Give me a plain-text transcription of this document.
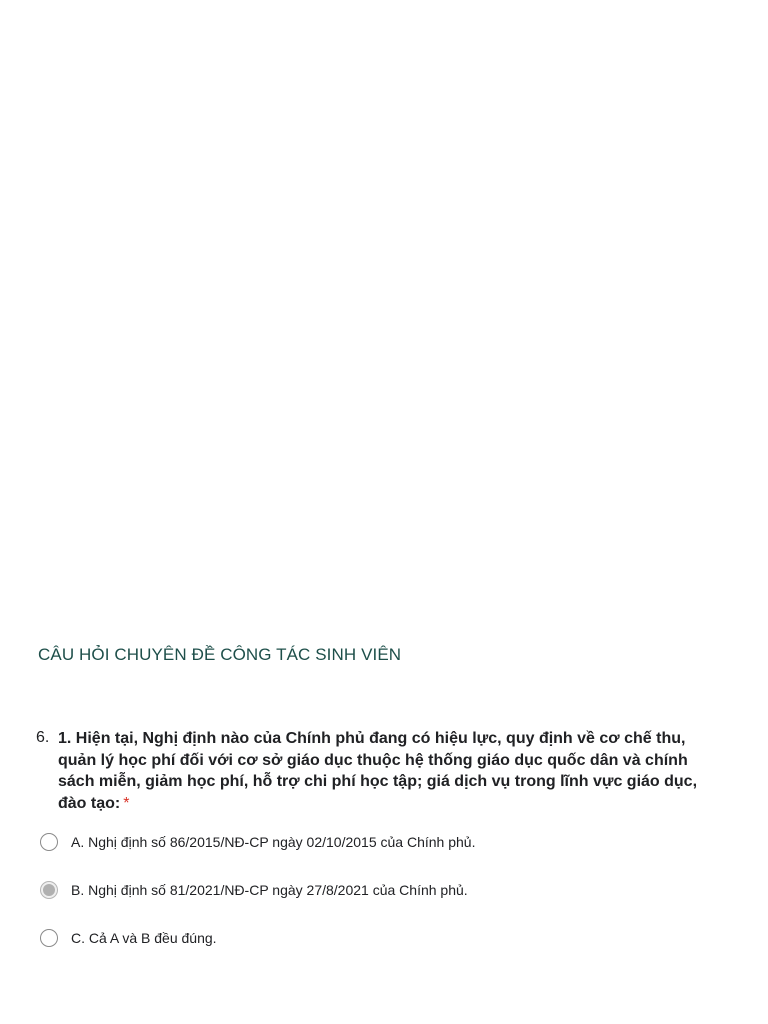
CÂU HỎI CHUYÊN ĐỀ CÔNG TÁC SINH VIÊN
6. 1. Hiện tại, Nghị định nào của Chính phủ đang có hiệu lực, quy định về cơ chế thu, quản lý học phí đối với cơ sở giáo dục thuộc hệ thống giáo dục quốc dân và chính sách miễn, giảm học phí, hỗ trợ chi phí học tập; giá dịch vụ trong lĩnh vực giáo dục, đào tạo: *
A. Nghị định số 86/2015/NĐ-CP ngày 02/10/2015 của Chính phủ.
B. Nghị định số 81/2021/NĐ-CP ngày 27/8/2021 của Chính phủ.
C. Cả A và B đều đúng.
